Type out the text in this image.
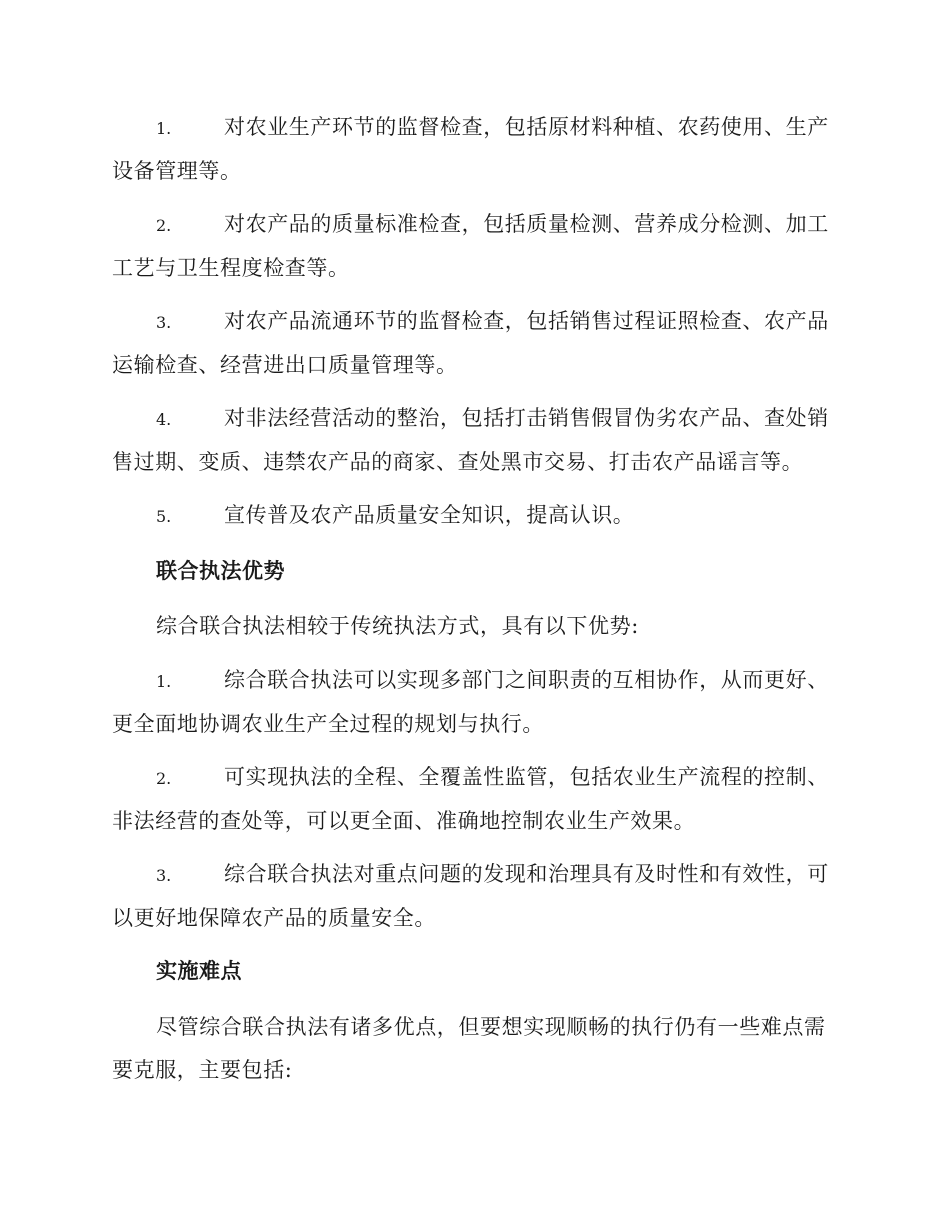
1.	对农业生产环节的监督检查，包括原材料种植、农药使用、生产设备管理等。

2.	对农产品的质量标准检查，包括质量检测、营养成分检测、加工工艺与卫生程度检查等。

3.	对农产品流通环节的监督检查，包括销售过程证照检查、农产品运输检查、经营进出口质量管理等。

4.	对非法经营活动的整治，包括打击销售假冒伪劣农产品、查处销售过期、变质、违禁农产品的商家、查处黑市交易、打击农产品谣言等。

5.	宣传普及农产品质量安全知识，提高认识。

联合执法优势

综合联合执法相较于传统执法方式，具有以下优势:

1.	综合联合执法可以实现多部门之间职责的互相协作，从而更好、更全面地协调农业生产全过程的规划与执行。

2.	可实现执法的全程、全覆盖性监管，包括农业生产流程的控制、非法经营的查处等，可以更全面、准确地控制农业生产效果。

3.	综合联合执法对重点问题的发现和治理具有及时性和有效性，可以更好地保障农产品的质量安全。

实施难点

尽管综合联合执法有诸多优点，但要想实现顺畅的执行仍有一些难点需要克服，主要包括:
